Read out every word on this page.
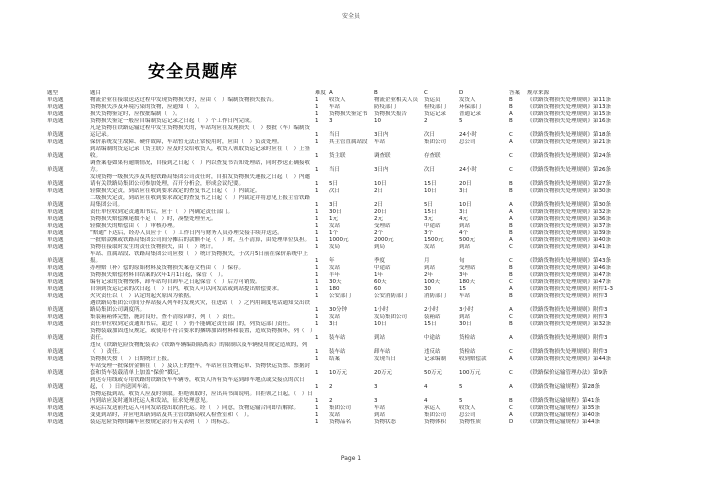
安全员
安全员题库
题型	题目	难度	A	B	C	D	答案	规章来源
单选题	物流企业在接取送达过程中发现货物损失时，应由（　）编制货物损失报告。	1	收货人	物流企业相关人员	货运员	发货人	B	《铁路货物损失处理规则》第11条
单选题	货物损失涉及环境污染的货物，应通知（　）。	1	车站	防疫部门	检疫部门	环保部门	B	《铁路货物损失处理规则》第13条
单选题	损失货物鉴定时，应按批编制（　）。	1	货物损失鉴定书	货物损失报告	货运记录	普通记录	A	《铁路货物损失处理规则》第15条
单选题	货物损失鉴定一般应自编制货运记录之日起（　）个工作日内完成。	1	3	10	2	5	B	《铁路货物损失处理规则》第16条
单选题	凡是货物在铁路运输过程中发生货物损失的，车站均应在发现损失（　）按批（车）编制货运记录。	1	当日	3日内	次日	24小时	C	《铁路货物损失处理规则》第18条
单选题	保价系统发生故障、硬件故障，车站暂无法正常使用时，应由（　）负责处理。	1	其主管直属站段	车站	集团公司	总公司	A	《铁路货物损失处理规则》第21条
单选题	到站编制的货运记录（货主联）应及时交给收货人，收货人领取货运记录时应在（　）上签收。	1	货主联	调查联	存查联		C	《铁路货物损失处理规则》第24条
单选题	调查案卷如果有逾期情况，自接到之日起（　）内以查复书告知处理站，同时抄送正确接收方。	1	当日	3日内	次日	24小时	C	《铁路货物损失处理规则》第26条
单选题	发现货物一级损失涉及其他铁路局集团公司责任时，自拍发货物损失速报之日起（　）内邀请有关铁路局集团公司参加处理，召开分析会，形成会议纪要。	1	5日	10日	15日	20日	B	《铁路货物损失处理规则》第27条
单选题	轻微损失定责，到站应在收到要求裁定的查复书之日起（　）内裁定。	1	次日	2日	10日	3日	B	《铁路货物损失处理规则》第30条
单选题	二级损失定责，到站应在收到要求裁定的查复书之日起（　）内裁定并将意见上报主管铁路局集团公司。	1	3日	2日	5日	10日	A	《铁路货物损失处理规则》第30条
单选题	责任单位收到定责通知书后，应于（　）内确定责任部门。	1	30日	20日	15日	3日	A	《铁路货物损失处理规则》第32条
单选题	货物损失赔偿额尾数不足（　）时，凑整处理至元。	1	1元	2元	3元	4元	A	《铁路货物损失处理规则》第36条
单选题	轻微损失的赔偿由（　）审核办理。	1	发站	受理站	中途站	到站	B	《铁路货物损失处理规则》第37条
单选题	“赔通”下达后，经办人员应于（　）工作日内与财务人员办理交接手续并送达。	1	1个	2个	3个	4个	B	《铁路货物损失处理规则》第39条
单选题	一批赔款额或铁路局集团公司间分摊后的款额不足（　）时，互不清算，由处理单位负担。	1	1000元	2000元	1500元	500元	A	《铁路货物损失处理规则》第40条
单选题	货物在接取时发生的责任货物损失，由（　）统计。	1	发局	到局	发站	到站	C	《铁路货物损失处理规则》第41条
单选题	车站、直属站段、铁路局集团公司应按（　）统计货物损失，于次月5日前在保价系统中上报。	1	年	季度	月	旬	C	《铁路货物损失处理规则》第43条
单选题	办理赔（补）偿的原始材料及货物损失案卷文档由（　）保存。	1	发站	中途站	到站	受理站	B	《铁路货物损失处理规则》第46条
单选题	货物损失赔偿材料自结案的次年1月1日起，保管（　）。	1	半年	1年	2年	3年	B	《铁路货物损失处理规则》第47条
单选题	编有记录的货物残体，卸车站均自卸车之日起保管（　）后方可销毁。	1	30天	60天	100天	180天	C	《铁路货物损失处理规则》第47条
单选题	自领到货运记录的次日起（　）日内，收货人可以向发站或到站提出赔偿要求。	1	180	60	30	15	A	《铁路货物损失处理规则》附件1-3
单选题	火灾责任以（　）认定的起火原因为依据。	1	公安部门	公安消防部门	消防部门	车站	B	《铁路货物损失处理规则》附件3
单选题	遇铁路局集团公司间分界站接入列车时发现火灾，在进站（　）之内用调度电话通知交出铁路局集团公司调度所。	1	30分钟	1小时	2小时	3小时	A	《铁路货物损失处理规则》附件3
单选题	集装箱箱体完整，施封良好，查不清原因时，列（　）责任。	1	发站	发局集团公司	装箱站	到站	C	《铁路货物损失处理规则》附件3
单选题	责任单位收到定责通知书后，超过（　）仍不能确定责任部门的，列货运部门责任。	1	3日	10日	15日	30日	B	《铁路货物损失处理规则》第32条
单选题	货物装载加固违反规定，或使用不符合要求的捆绑加固材料和装置，造成货物损坏，列（　）责任。	1	装车站	到站	中途站	货检站	A	《铁路货物损失处理规则》附件3
单选题	违反《铁路危险货物配装表》《铁路车辆编组隔离表》的限制以及车辆使用规定造成的，列（　）责任。	1	装车站	卸车站	违反站	货检站	C	《铁路货物损失处理规则》附件3
单选题	货物损失按（　）日期统计上报。	1	结案	发现当日	记录编制	收到赔偿款	A	《铁路货物损失处理规则》第44条
单选题	车站受理一批保价金额在（　）及以上的整车，车站应在货物运单、货物快运货票、票据封套和货车装载清单上加盖“保价”戳记。	1	10万元	20万元	50万元	100万元	C	《铁路保价运输管理办法》第9条
单选题	到达专用线或专用铁路的铁路货车车辆等，收货人所有货车运到卸车地点或交接点的次日起，（　）日内送回车站。	1	2	3	4	5	A	《铁路货物运输规程》第28条
单选题	货物运抵到站，收货人应及时领取。拒绝领取时，应出具书面说明。自拒领之日起，（　）日内到站应及时通知托运人和发站，征求处理意见。	1	2	3	4	5	B	《铁路货物运输规程》第41条
单选题	承运后发送前托运人可向发站提出取消托运。经（　）同意，货物运输合同即告解除。	1	集团公司	车站	承运人	收货人	C	《铁路货物运输规程》第35条
单选题	变更到站时，并应电知新到站及其主管铁路局收入检查室和（　）。	1	发站	到站	集团公司	总公司	A	《铁路货物运输规程》第40条
单选题	装运危险货物的罐车应按规定涂打有关表明（　）的标志。	1	货物品名	货物状态	货物体积	货物性质	D	《铁路货物运输规程》第44条
Page 1
